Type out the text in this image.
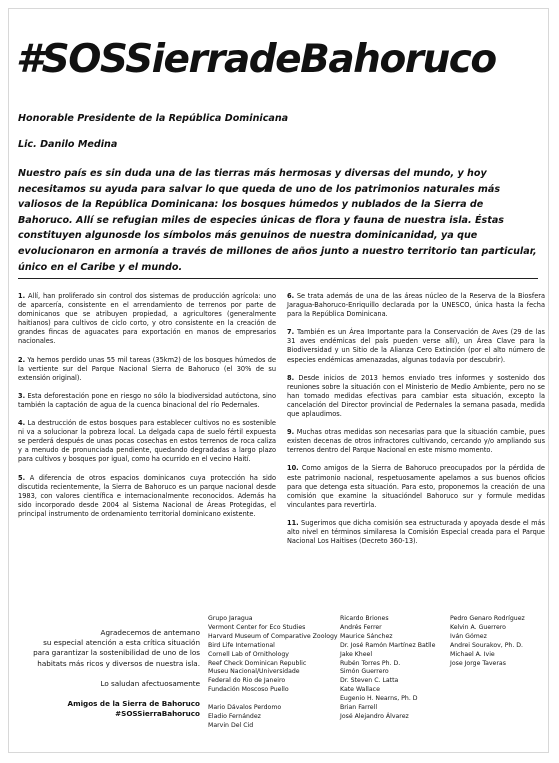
#SOSSierradeBahoruco
Honorable Presidente de la República Dominicana
Lic. Danilo Medina
Nuestro país es sin duda una de las tierras más hermosas y diversas del mundo, y hoy necesitamos su ayuda para salvar lo que queda de uno de los patrimonios naturales más valiosos de la República Dominicana: los bosques húmedos y nublados de la Sierra de Bahoruco. Allí se refugian miles de especies únicas de flora y fauna de nuestra isla. Éstas constituyen algunosde los símbolos más genuinos de nuestra dominicanidad, ya que evolucionaron en armonía a través de millones de años junto a nuestro territorio tan particular, único en el Caribe y el mundo.

1. Allí, han proliferado sin control dos sistemas de producción agrícola: uno de aparcería, consistente en el arrendamiento de terrenos por parte de dominicanos que se atribuyen propiedad, a agricultores (generalmente haitianos) para cultivos de ciclo corto, y otro consistente en la creación de grandes fincas de aguacates para exportación en manos de empresarios nacionales.

2. Ya hemos perdido unas 55 mil tareas (35km2) de los bosques húmedos de la vertiente sur del Parque Nacional Sierra de Bahoruco (el 30% de su extensión original).

3. Esta deforestación pone en riesgo no sólo la biodiversidad autóctona, sino también la captación de agua de la cuenca binacional del río Pedernales.

4. La destrucción de estos bosques para establecer cultivos no es sostenible ni va a solucionar la pobreza local. La delgada capa de suelo fértil expuesta se perderá después de unas pocas cosechas en estos terrenos de roca caliza y a menudo de pronunciada pendiente, quedando degradadas a largo plazo para cultivos y bosques por igual, como ha ocurrido en el vecino Haití.

5. A diferencia de otros espacios dominicanos cuya protección ha sido discutida recientemente, la Sierra de Bahoruco es un parque nacional desde 1983, con valores científica e internacionalmente reconocidos. Además ha sido incorporado desde 2004 al Sistema Nacional de Áreas Protegidas, el principal instrumento de ordenamiento territorial dominicano existente.

6. Se trata además de una de las áreas núcleo de la Reserva de la Biosfera Jaragua-Bahoruco-Enriquillo declarada por la UNESCO, única hasta la fecha para la República Dominicana.

7. También es un Área Importante para la Conservación de Aves (29 de las 31 aves endémicas del país pueden verse allí), un Área Clave para la Biodiversidad y un Sitio de la Alianza Cero Extinción (por el alto número de especies endémicas amenazadas, algunas todavía por descubrir).

8. Desde inicios de 2013 hemos enviado tres informes y sostenido dos reuniones sobre la situación con el Ministerio de Medio Ambiente, pero no se han tomado medidas efectivas para cambiar esta situación, excepto la cancelación del Director provincial de Pedernales la semana pasada, medida que aplaudimos.

9. Muchas otras medidas son necesarias para que la situación cambie, pues existen decenas de otros infractores cultivando, cercando y/o ampliando sus terrenos dentro del Parque Nacional en este mismo momento.

10. Como amigos de la Sierra de Bahoruco preocupados por la pérdida de este patrimonio nacional, respetuosamente apelamos a sus buenos oficios para que detenga esta situación. Para esto, proponemos la creación de una comisión que examine la situacióndel Bahoruco sur y formule medidas vinculantes para revertirla.

11. Sugerimos que dicha comisión sea estructurada y apoyada desde el más alto nivel en términos similaresa la Comisión Especial creada para el Parque Nacional Los Haitises (Decreto 360-13).

Agradecemos de antemano

su especial atención a esta crítica situación

para garantizar la sostenibilidad de uno de los

habitats más ricos y diversos de nuestra isla.

Lo saludan afectuosamente

Amigos de la Sierra de Bahoruco

#SOSSierraBahoruco

Grupo Jaragua
Vermont Center for Eco Studies
Harvard Museum of Comparative Zoology
Bird Life International
Cornell Lab of Ornithology
Reef Check Dominican Republic
Museu Nacional/Universidade
Federal do Rio de Janeiro
Fundación Moscoso Puello
Mario Dávalos Perdomo
Eladio Fernández
Marvin Del Cid
Ricardo Briones
Andrés Ferrer
Maurice Sánchez
Dr. José Ramón Martínez Batlle
Jake Kheel
Rubén Torres Ph. D.
Simón Guerrero
Dr. Steven C. Latta
Kate Wallace
Eugenio H. Nearns, Ph. D
Brian Farrell
José Alejandro Álvarez
Pedro Genaro Rodríguez
Kelvin A. Guerrero
Iván Gómez
Andrei Sourakov, Ph. D.
Michael A. Ivie
Jose Jorge Taveras
